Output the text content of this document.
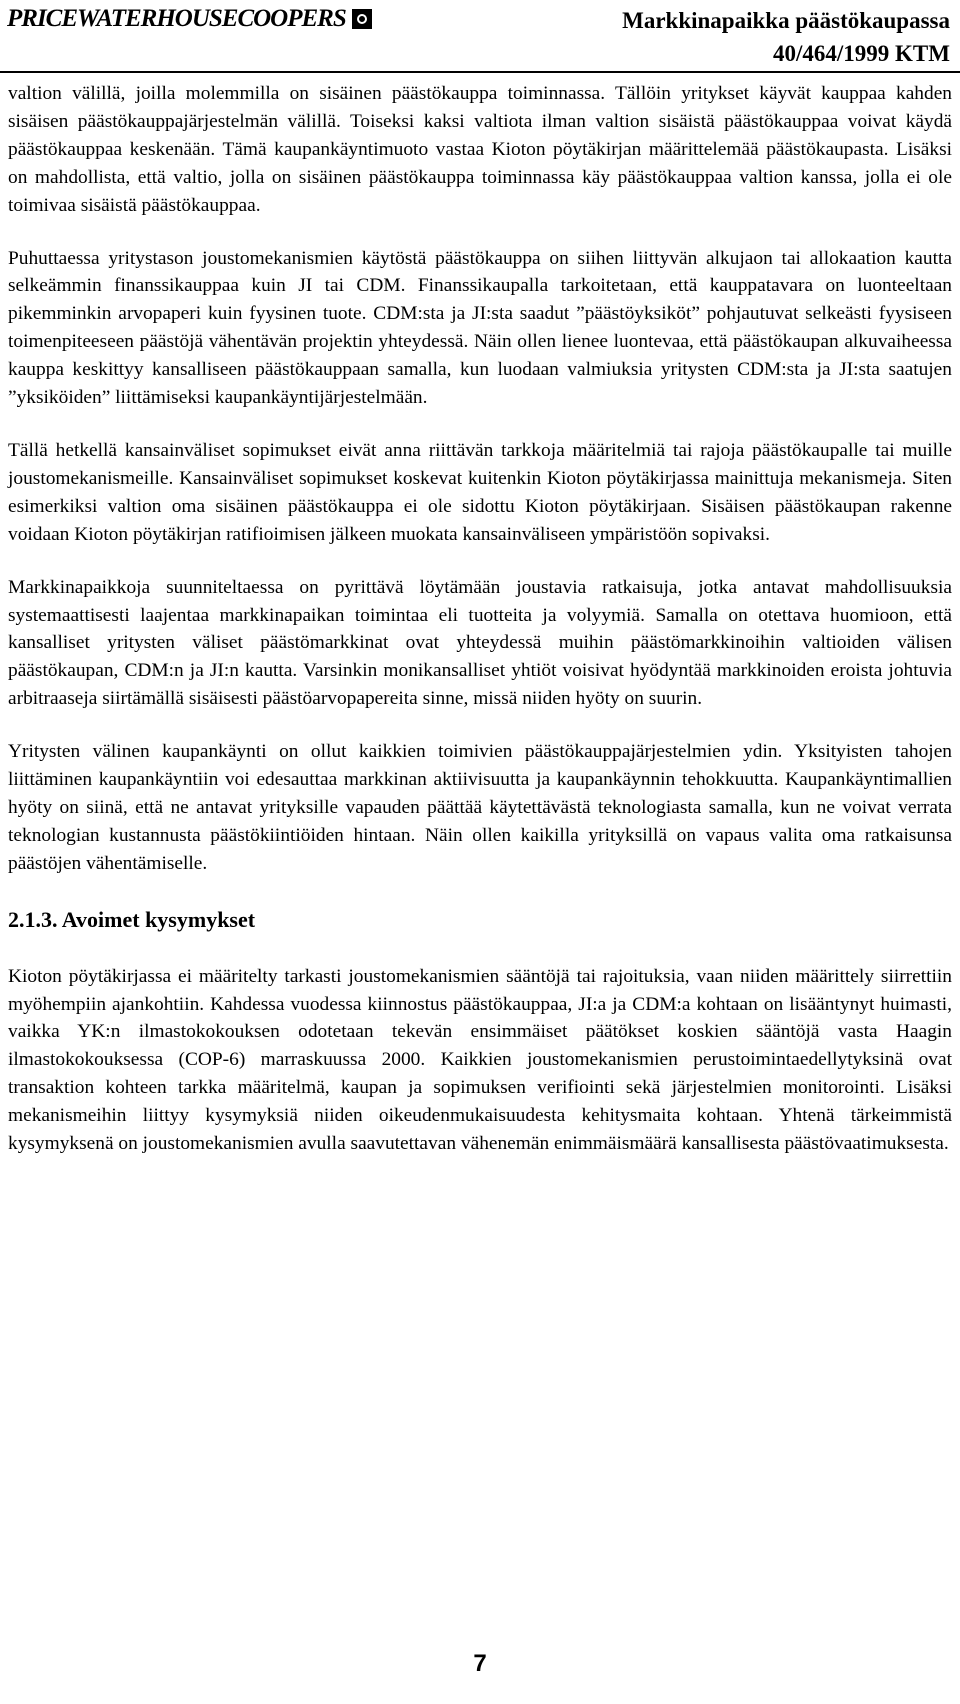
PRICEWATERHOUSECOOPERS	Markkinapaikka päästökaupassa
40/464/1999 KTM

valtion välillä, joilla molemmilla on sisäinen päästökauppa toiminnassa. Tällöin yritykset käyvät kauppaa kahden sisäisen päästökauppajärjestelmän välillä. Toiseksi kaksi valtiota ilman valtion sisäistä päästökauppaa voivat käydä päästökauppaa keskenään. Tämä kaupankäyntimuoto vastaa Kioton pöytäkirjan määrittelemää päästökaupasta. Lisäksi on mahdollista, että valtio, jolla on sisäinen päästökauppa toiminnassa käy päästökauppaa valtion kanssa, jolla ei ole toimivaa sisäistä päästökauppaa.

Puhuttaessa yritystason joustomekanismien käytöstä päästökauppa on siihen liittyvän alkujaon tai allokaation kautta selkeämmin finanssikauppaa kuin JI tai CDM. Finanssikaupalla tarkoitetaan, että kauppatavara on luonteeltaan pikemminkin arvopaperi kuin fyysinen tuote. CDM:sta ja JI:sta saadut ”päästöyksiköt” pohjautuvat selkeästi fyysiseen toimenpiteeseen päästöjä vähentävän projektin yhteydessä. Näin ollen lienee luontevaa, että päästökaupan alkuvaiheessa kauppa keskittyy kansalliseen päästökauppaan samalla, kun luodaan valmiuksia yritysten CDM:sta ja JI:sta saatujen ”yksiköiden” liittämiseksi kaupankäyntijärjestelmään.

Tällä hetkellä kansainväliset sopimukset eivät anna riittävän tarkkoja määritelmiä tai rajoja päästökaupalle tai muille joustomekanismeille. Kansainväliset sopimukset koskevat kuitenkin Kioton pöytäkirjassa mainittuja mekanismeja. Siten esimerkiksi valtion oma sisäinen päästökauppa ei ole sidottu Kioton pöytäkirjaan. Sisäisen päästökaupan rakenne voidaan Kioton pöytäkirjan ratifioimisen jälkeen muokata kansainväliseen ympäristöön sopivaksi.

Markkinapaikkoja suunniteltaessa on pyrittävä löytämään joustavia ratkaisuja, jotka antavat mahdollisuuksia systemaattisesti laajentaa markkinapaikan toimintaa eli tuotteita ja volyymiä. Samalla on otettava huomioon, että kansalliset yritysten väliset päästömarkkinat ovat yhteydessä muihin päästömarkkinoihin valtioiden välisen päästökaupan, CDM:n ja JI:n kautta. Varsinkin monikansalliset yhtiöt voisivat hyödyntää markkinoiden eroista johtuvia arbitraaseja siirtämällä sisäisesti päästöarvopapereita sinne, missä niiden hyöty on suurin.

Yritysten välinen kaupankäynti on ollut kaikkien toimivien päästökauppajärjestelmien ydin. Yksityisten tahojen liittäminen kaupankäyntiin voi edesauttaa markkinan aktiivisuutta ja kaupankäynnin tehokkuutta. Kaupankäyntimallien hyöty on siinä, että ne antavat yrityksille vapauden päättää käytettävästä teknologiasta samalla, kun ne voivat verrata teknologian kustannusta päästökiintiöiden hintaan. Näin ollen kaikilla yrityksillä on vapaus valita oma ratkaisunsa päästöjen vähentämiselle.

2.1.3. Avoimet kysymykset

Kioton pöytäkirjassa ei määritelty tarkasti joustomekanismien sääntöjä tai rajoituksia, vaan niiden määrittely siirrettiin myöhempiin ajankohtiin. Kahdessa vuodessa kiinnostus päästökauppaa, JI:a ja CDM:a kohtaan on lisääntynyt huimasti, vaikka YK:n ilmastokokouksen odotetaan tekevän ensimmäiset päätökset koskien sääntöjä vasta Haagin ilmastokokouksessa (COP-6) marraskuussa 2000. Kaikkien joustomekanismien perustoimintaedellytyksinä ovat transaktion kohteen tarkka määritelmä, kaupan ja sopimuksen verifiointi sekä järjestelmien monitorointi. Lisäksi mekanismeihin liittyy kysymyksiä niiden oikeudenmukaisuudesta kehitysmaita kohtaan. Yhtenä tärkeimmistä kysymyksenä on joustomekanismien avulla saavutettavan vähenemän enimmäismäärä kansallisesta päästövaatimuksesta.

7
